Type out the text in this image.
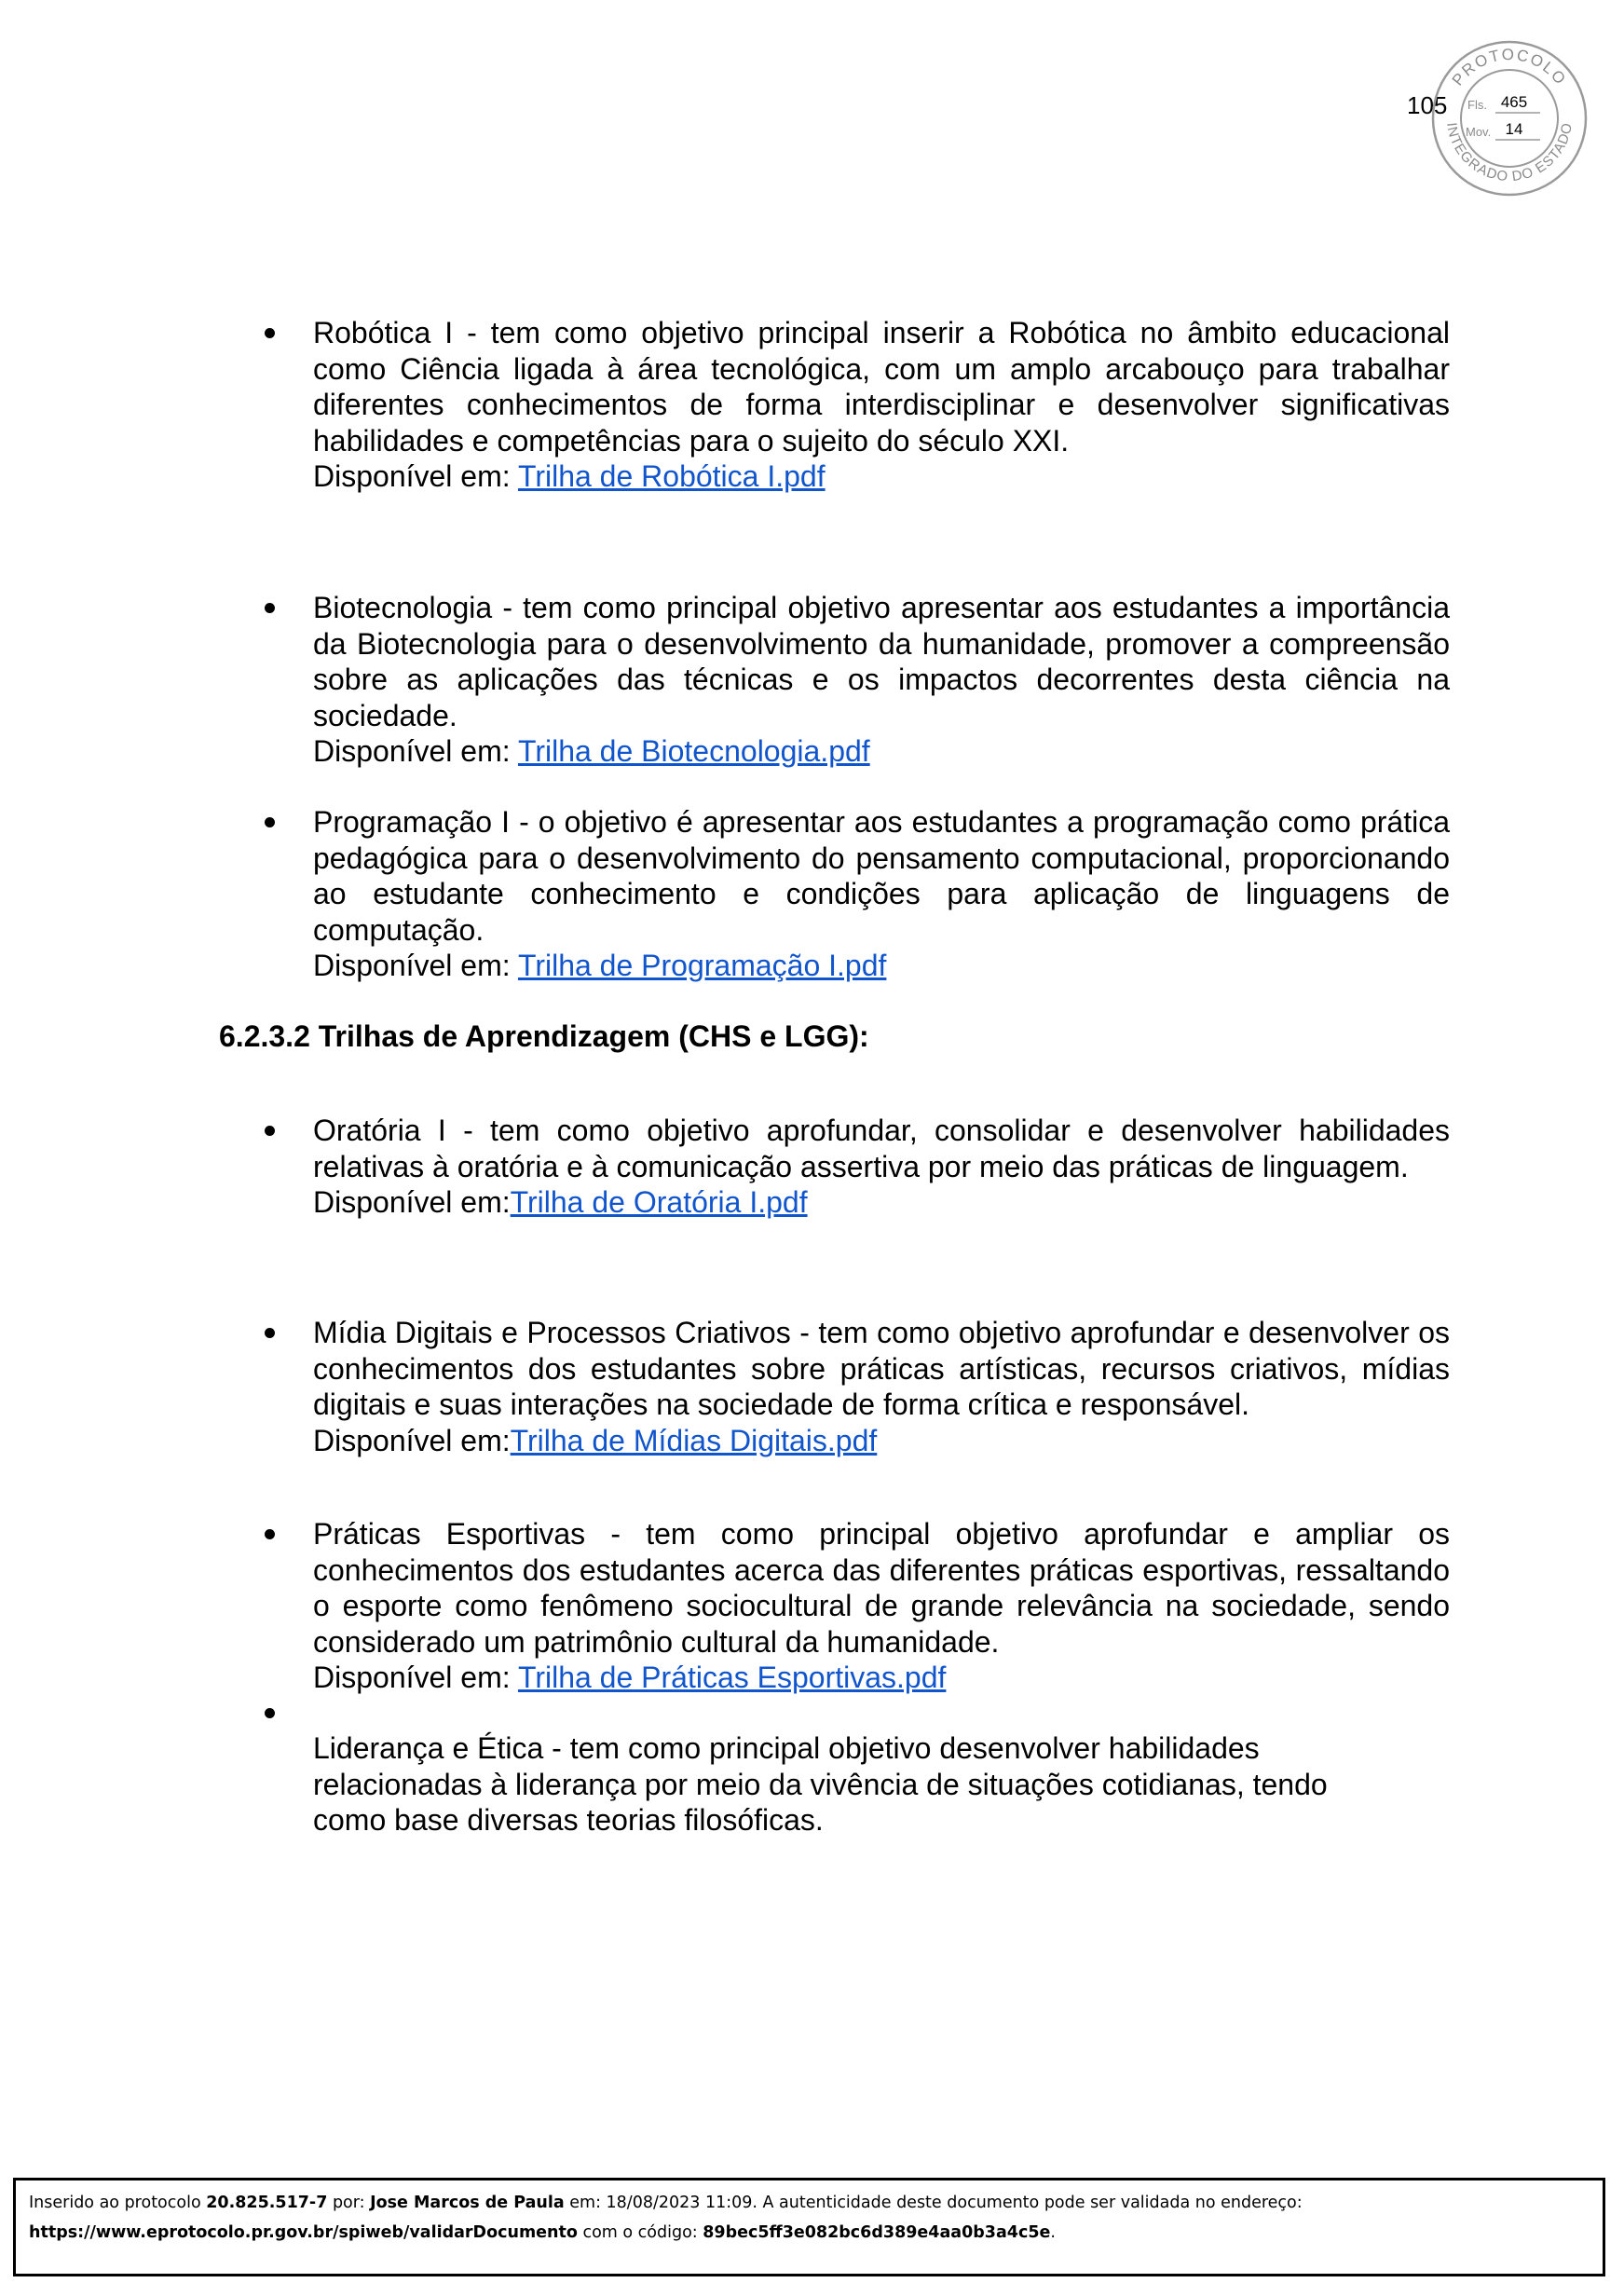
105
PROTOCOLO
INTEGRADO DO ESTADO
Fls. 465
Mov. 14
Robótica I - tem como objetivo principal inserir a Robótica no âmbito educacional como Ciência ligada à área tecnológica, com um amplo arcabouço para trabalhar diferentes conhecimentos de forma interdisciplinar e desenvolver significativas habilidades e competências para o sujeito do século XXI.
Disponível em: Trilha de Robótica I.pdf
Biotecnologia - tem como principal objetivo apresentar aos estudantes a importância da Biotecnologia para o desenvolvimento da humanidade, promover a compreensão sobre as aplicações das técnicas e os impactos decorrentes desta ciência na sociedade.
Disponível em: Trilha de Biotecnologia.pdf
Programação I - o objetivo é apresentar aos estudantes a programação como prática pedagógica para o desenvolvimento do pensamento computacional, proporcionando ao estudante conhecimento e condições para aplicação de linguagens de computação.
Disponível em: Trilha de Programação I.pdf
6.2.3.2 Trilhas de Aprendizagem (CHS e LGG):
Oratória I - tem como objetivo aprofundar, consolidar e desenvolver habilidades relativas à oratória e à comunicação assertiva por meio das práticas de linguagem.
Disponível em:Trilha de Oratória I.pdf
Mídia Digitais e Processos Criativos - tem como objetivo aprofundar e desenvolver os conhecimentos dos estudantes sobre práticas artísticas, recursos criativos, mídias digitais e suas interações na sociedade de forma crítica e responsável.
Disponível em:Trilha de Mídias Digitais.pdf
Práticas Esportivas - tem como principal objetivo aprofundar e ampliar os conhecimentos dos estudantes acerca das diferentes práticas esportivas, ressaltando o esporte como fenômeno sociocultural de grande relevância na sociedade, sendo considerado um patrimônio cultural da humanidade.
Disponível em: Trilha de Práticas Esportivas.pdf
Liderança e Ética - tem como principal objetivo desenvolver habilidades relacionadas à liderança por meio da vivência de situações cotidianas, tendo como base diversas teorias filosóficas.
Inserido ao protocolo 20.825.517-7 por: Jose Marcos de Paula em: 18/08/2023 11:09. A autenticidade deste documento pode ser validada no endereço:
https://www.eprotocolo.pr.gov.br/spiweb/validarDocumento com o código: 89bec5ff3e082bc6d389e4aa0b3a4c5e.
